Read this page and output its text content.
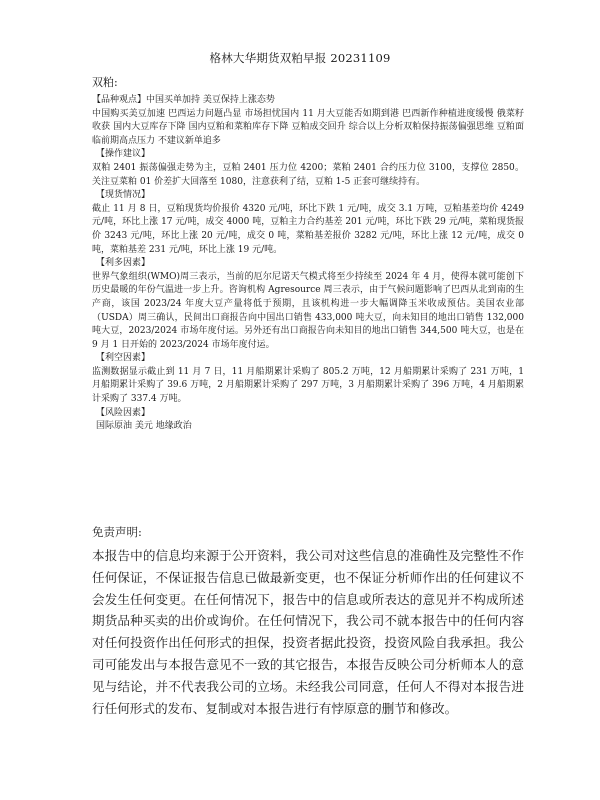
格林大华期货双粕早报 20231109
双粕:

【品种观点】中国买单加持 美豆保持上涨态势

中国购买美豆加速 巴西运力问题凸显 市场担忧国内 11 月大豆能否如期到港 巴西新作种植进度缓慢 俄菜籽收获 国内大豆库存下降 国内豆粕和菜粕库存下降 豆粕成交回升 综合以上分析双粕保持振荡偏强思维 豆粕面临前期高点压力 不建议新单追多

【操作建议】

双粕 2401 振荡偏强走势为主，豆粕 2401 压力位 4200；菜粕 2401 合约压力位 3100，支撑位 2850。关注豆菜粕 01 价差扩大回落至 1080，注意获利了结，豆粕 1-5 正套可继续持有。

【现货情况】

截止 11 月 8 日，豆粕现货均价报价 4320 元/吨，环比下跌 1 元/吨，成交 3.1 万吨，豆粕基差均价 4249 元/吨，环比上涨 17 元/吨，成交 4000 吨，豆粕主力合约基差 201 元/吨，环比下跌 29 元/吨，菜粕现货报价 3243 元/吨，环比上涨 20 元/吨，成交 0 吨，菜粕基差报价 3282 元/吨，环比上涨 12 元/吨，成交 0 吨，菜粕基差 231 元/吨，环比上涨 19 元/吨。

【利多因素】

世界气象组织(WMO)周三表示，当前的厄尔尼诺天气模式将至少持续至 2024 年 4 月，使得本就可能创下历史最暖的年份气温进一步上升。咨询机构 Agresource 周三表示，由于气候问题影响了巴西从北到南的生产商，该国 2023/24 年度大豆产量将低于预期，且该机构进一步大幅调降玉米收成预估。美国农业部（USDA）周三确认，民间出口商报告向中国出口销售 433,000 吨大豆，向未知目的地出口销售 132,000 吨大豆，2023/2024 市场年度付运。另外还有出口商报告向未知目的地出口销售 344,500 吨大豆，也是在 9 月 1 日开始的 2023/2024 市场年度付运。

【利空因素】

监测数据显示截止到 11 月 7 日，11 月船期累计采购了 805.2 万吨，12 月船期累计采购了 231 万吨，1 月船期累计采购了 39.6 万吨，2 月船期累计采购了 297 万吨，3 月船期累计采购了 396 万吨，4 月船期累计采购了 337.4 万吨。

【风险因素】

国际原油 美元 地缘政治

免责声明:
本报告中的信息均来源于公开资料，我公司对这些信息的准确性及完整性不作任何保证，不保证报告信息已做最新变更，也不保证分析师作出的任何建议不会发生任何变更。在任何情况下，报告中的信息或所表达的意见并不构成所述期货品种买卖的出价或询价。在任何情况下，我公司不就本报告中的任何内容对任何投资作出任何形式的担保，投资者据此投资，投资风险自我承担。我公司可能发出与本报告意见不一致的其它报告，本报告反映公司分析师本人的意见与结论，并不代表我公司的立场。未经我公司同意，任何人不得对本报告进行任何形式的发布、复制或对本报告进行有悖原意的删节和修改。
